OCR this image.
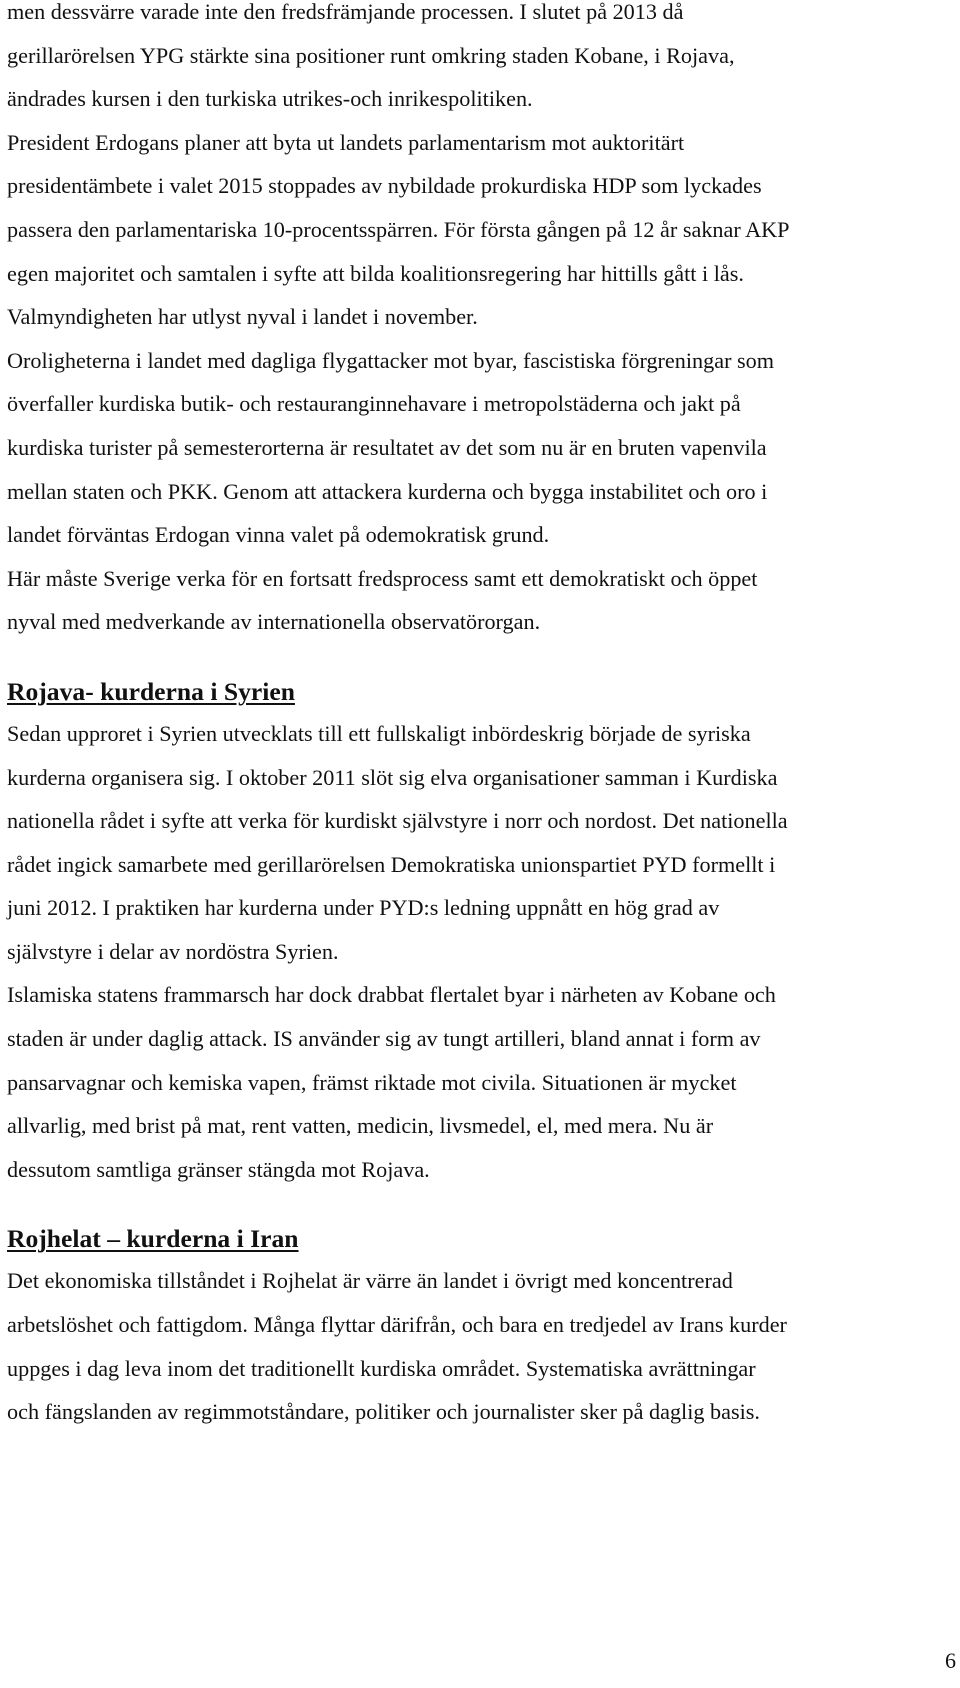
men dessvärre varade inte den fredsfrämjande processen. I slutet på 2013 då
gerillarörelsen YPG stärkte sina positioner runt omkring staden Kobane, i Rojava,
ändrades kursen i den turkiska utrikes-och inrikespolitiken.
President Erdogans planer att byta ut landets parlamentarism mot auktoritärt
presidentämbete i valet 2015 stoppades av nybildade prokurdiska HDP som lyckades
passera den parlamentariska 10-procentsspärren. För första gången på 12 år saknar AKP
egen majoritet och samtalen i syfte att bilda koalitionsregering har hittills gått i lås.
Valmyndigheten har utlyst nyval i landet i november.
Oroligheterna i landet med dagliga flygattacker mot byar, fascistiska förgreningar som
överfaller kurdiska butik- och restauranginnehavare i metropolstäderna och jakt på
kurdiska turister på semesterorterna är resultatet av det som nu är en bruten vapenvila
mellan staten och PKK. Genom att attackera kurderna och bygga instabilitet och oro i
landet förväntas Erdogan vinna valet på odemokratisk grund.
Här måste Sverige verka för en fortsatt fredsprocess samt ett demokratiskt och öppet
nyval med medverkande av internationella observatörorgan.
Rojava- kurderna i Syrien
Sedan upproret i Syrien utvecklats till ett fullskaligt inbördeskrig började de syriska
kurderna organisera sig. I oktober 2011 slöt sig elva organisationer samman i Kurdiska
nationella rådet i syfte att verka för kurdiskt självstyre i norr och nordost. Det nationella
rådet ingick samarbete med gerillarörelsen Demokratiska unionspartiet PYD formellt i
juni 2012. I praktiken har kurderna under PYD:s ledning uppnått en hög grad av
självstyre i delar av nordöstra Syrien.
Islamiska statens frammarsch har dock drabbat flertalet byar i närheten av Kobane och
staden är under daglig attack. IS använder sig av tungt artilleri, bland annat i form av
pansarvagnar och kemiska vapen, främst riktade mot civila. Situationen är mycket
allvarlig, med brist på mat, rent vatten, medicin, livsmedel, el, med mera. Nu är
dessutom samtliga gränser stängda mot Rojava.
Rojhelat – kurderna i Iran
Det ekonomiska tillståndet i Rojhelat är värre än landet i övrigt med koncentrerad
arbetslöshet och fattigdom. Många flyttar därifrån, och bara en tredjedel av Irans kurder
uppges i dag leva inom det traditionellt kurdiska området. Systematiska avrättningar
och fängslanden av regimmotståndare, politiker och journalister sker på daglig basis.
6
